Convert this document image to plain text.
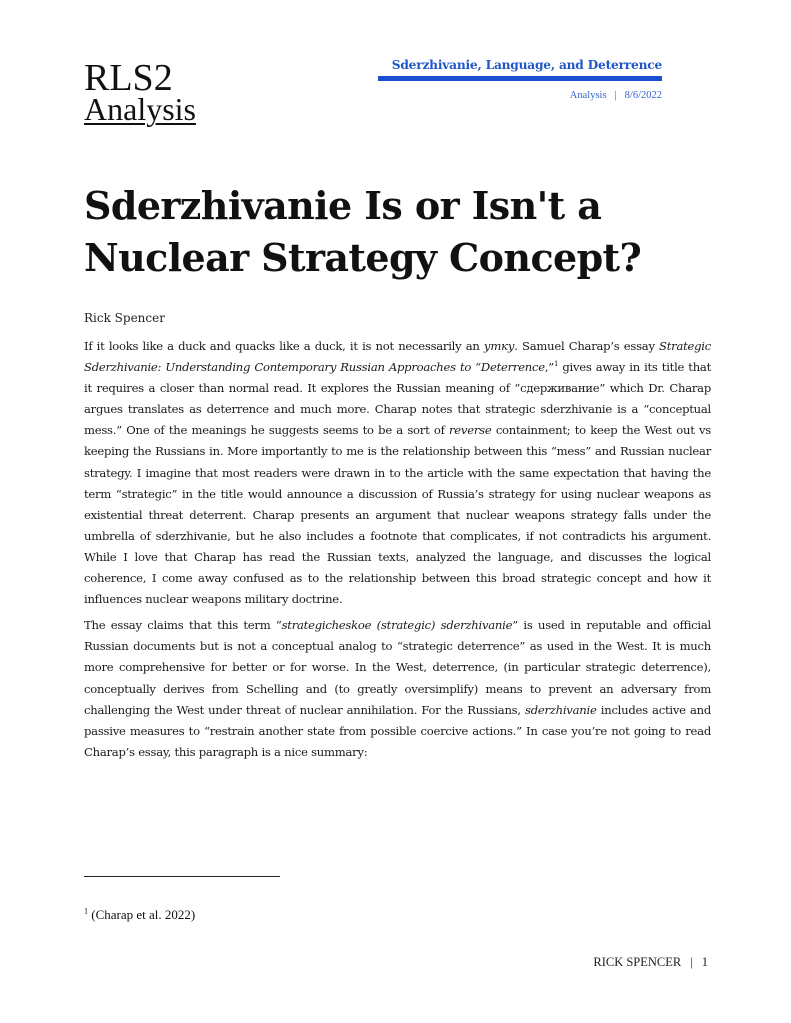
RLS2
Analysis
Sderzhivanie, Language, and Deterrence
Analysis | 8/6/2022
Sderzhivanie Is or Isn't a Nuclear Strategy Concept?
Rick Spencer

If it looks like a duck and quacks like a duck, it is not necessarily an утку. Samuel Charap’s essay Strategic Sderzhivanie: Understanding Contemporary Russian Approaches to “Deterrence,”$^1$ gives away in its title that it requires a closer than normal read. It explores the Russian meaning of “сдерживание” which Dr. Charap argues translates as deterrence and much more. Charap notes that strategic sderzhivanie is a “conceptual mess.” One of the meanings he suggests seems to be a sort of reverse containment; to keep the West out vs keeping the Russians in. More importantly to me is the relationship between this “mess” and Russian nuclear strategy. I imagine that most readers were drawn in to the article with the same expectation that having the term “strategic” in the title would announce a discussion of Russia’s strategy for using nuclear weapons as existential threat deterrent. Charap presents an argument that nuclear weapons strategy falls under the umbrella of sderzhivanie, but he also includes a footnote that complicates, if not contradicts his argument. While I love that Charap has read the Russian texts, analyzed the language, and discusses the logical coherence, I come away confused as to the relationship between this broad strategic concept and how it influences nuclear weapons military doctrine.

The essay claims that this term “strategicheskoe (strategic) sderzhivanie” is used in reputable and official Russian documents but is not a conceptual analog to “strategic deterrence” as used in the West. It is much more comprehensive for better or for worse. In the West, deterrence, (in particular strategic deterrence), conceptually derives from Schelling and (to greatly oversimplify) means to prevent an adversary from challenging the West under threat of nuclear annihilation. For the Russians, sderzhivanie includes active and passive measures to “restrain another state from possible coercive actions.” In case you’re not going to read Charap’s essay, this paragraph is a nice summary:

$^1$ (Charap et al. 2022)
RICK SPENCER | 1
